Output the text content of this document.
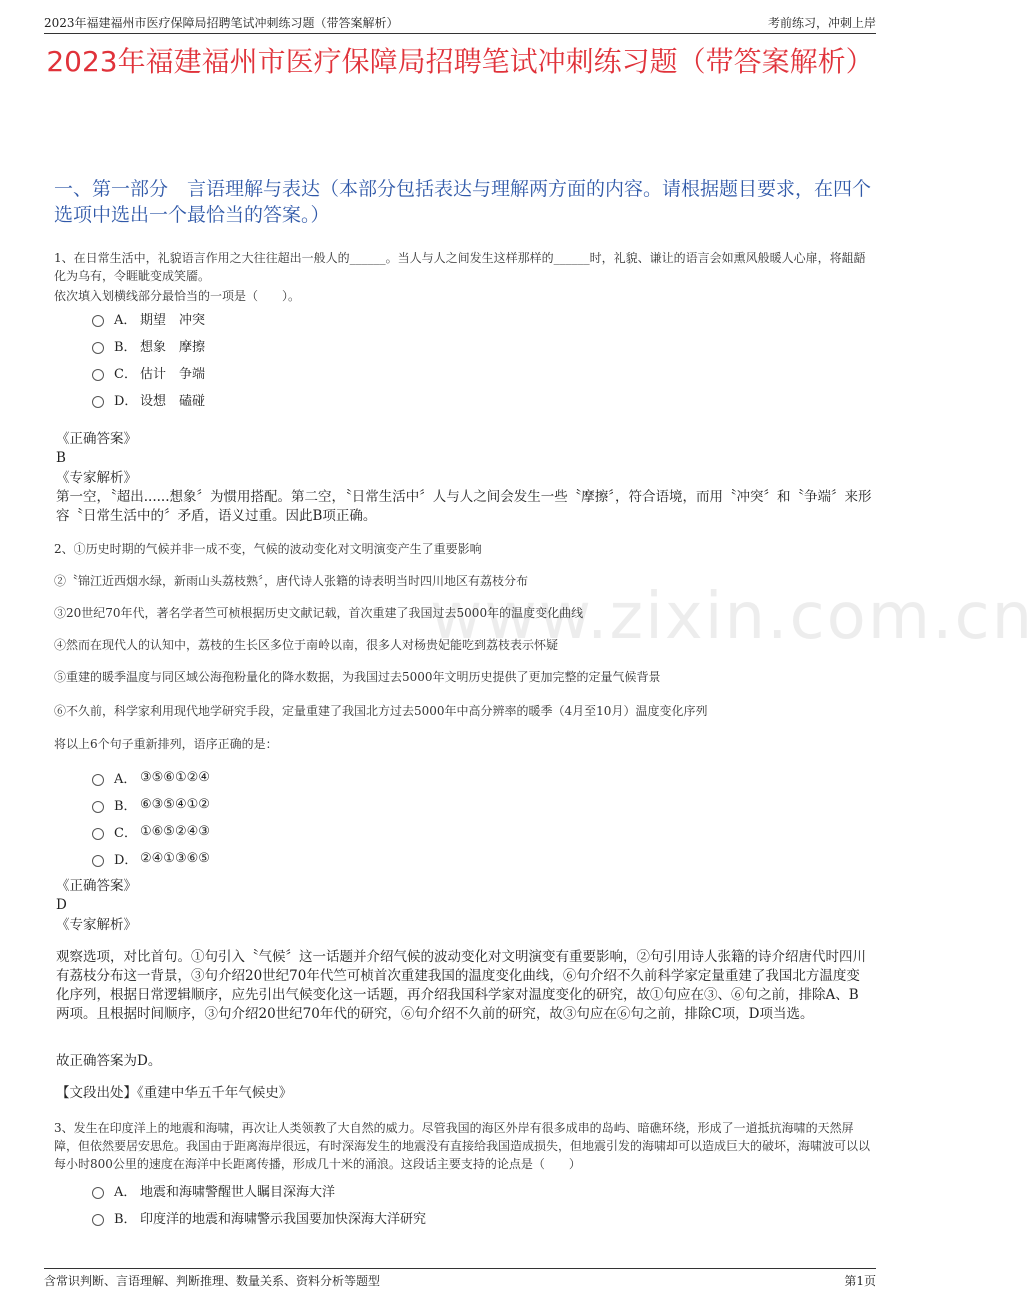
2023年福建福州市医疗保障局招聘笔试冲刺练习题（带答案解析）	考前练习，冲刺上岸
2023年福建福州市医疗保障局招聘笔试冲刺练习题（带答案解析）
一、第一部分　言语理解与表达（本部分包括表达与理解两方面的内容。请根据题目要求，在四个选项中选出一个最恰当的答案。）
www.zixin.com.cn
1、在日常生活中，礼貌语言作用之大往往超出一般人的______。当人与人之间发生这样那样的______时，礼貌、谦让的语言会如熏风般暖人心扉，将龃龉化为乌有，令睚眦变成笑靥。
依次填入划横线部分最恰当的一项是（　　）。
A． 期望　冲突
B． 想象　摩擦
C． 估计　争端
D． 设想　磕碰
《正确答案》
B
《专家解析》
第一空，〝超出......想象〞为惯用搭配。第二空，〝日常生活中〞人与人之间会发生一些〝摩擦〞，符合语境，而用〝冲突〞和〝争端〞来形容〝日常生活中的〞矛盾，语义过重。因此B项正确。
2、①历史时期的气候并非一成不变，气候的波动变化对文明演变产生了重要影响
②〝锦江近西烟水绿，新雨山头荔枝熟〞，唐代诗人张籍的诗表明当时四川地区有荔枝分布
③20世纪70年代，著名学者竺可桢根据历史文献记载，首次重建了我国过去5000年的温度变化曲线
④然而在现代人的认知中，荔枝的生长区多位于南岭以南，很多人对杨贵妃能吃到荔枝表示怀疑
⑤重建的暖季温度与同区域公海孢粉量化的降水数据，为我国过去5000年文明历史提供了更加完整的定量气候背景
⑥不久前，科学家利用现代地学研究手段，定量重建了我国北方过去5000年中高分辨率的暖季（4月至10月）温度变化序列
将以上6个句子重新排列，语序正确的是：
A． ③⑤⑥①②④
B． ⑥③⑤④①②
C． ①⑥⑤②④③
D． ②④①③⑥⑤
《正确答案》
D
《专家解析》
观察选项，对比首句。①句引入〝气候〞这一话题并介绍气候的波动变化对文明演变有重要影响，②句引用诗人张籍的诗介绍唐代时四川有荔枝分布这一背景，③句介绍20世纪70年代竺可桢首次重建我国的温度变化曲线，⑥句介绍不久前科学家定量重建了我国北方温度变化序列，根据日常逻辑顺序，应先引出气候变化这一话题，再介绍我国科学家对温度变化的研究，故①句应在③、⑥句之前，排除A、B两项。且根据时间顺序，③句介绍20世纪70年代的研究，⑥句介绍不久前的研究，故③句应在⑥句之前，排除C项，D项当选。
故正确答案为D。
【文段出处】《重建中华五千年气候史》
3、发生在印度洋上的地震和海啸，再次让人类领教了大自然的威力。尽管我国的海区外岸有很多成串的岛屿、暗礁环绕，形成了一道抵抗海啸的天然屏障，但依然要居安思危。我国由于距离海岸很远，有时深海发生的地震没有直接给我国造成损失，但地震引发的海啸却可以造成巨大的破坏，海啸波可以以每小时800公里的速度在海洋中长距离传播，形成几十米的涌浪。这段话主要支持的论点是（　　）
A． 地震和海啸警醒世人瞩目深海大洋
B． 印度洋的地震和海啸警示我国要加快深海大洋研究
含常识判断、言语理解、判断推理、数量关系、资料分析等题型	第1页
